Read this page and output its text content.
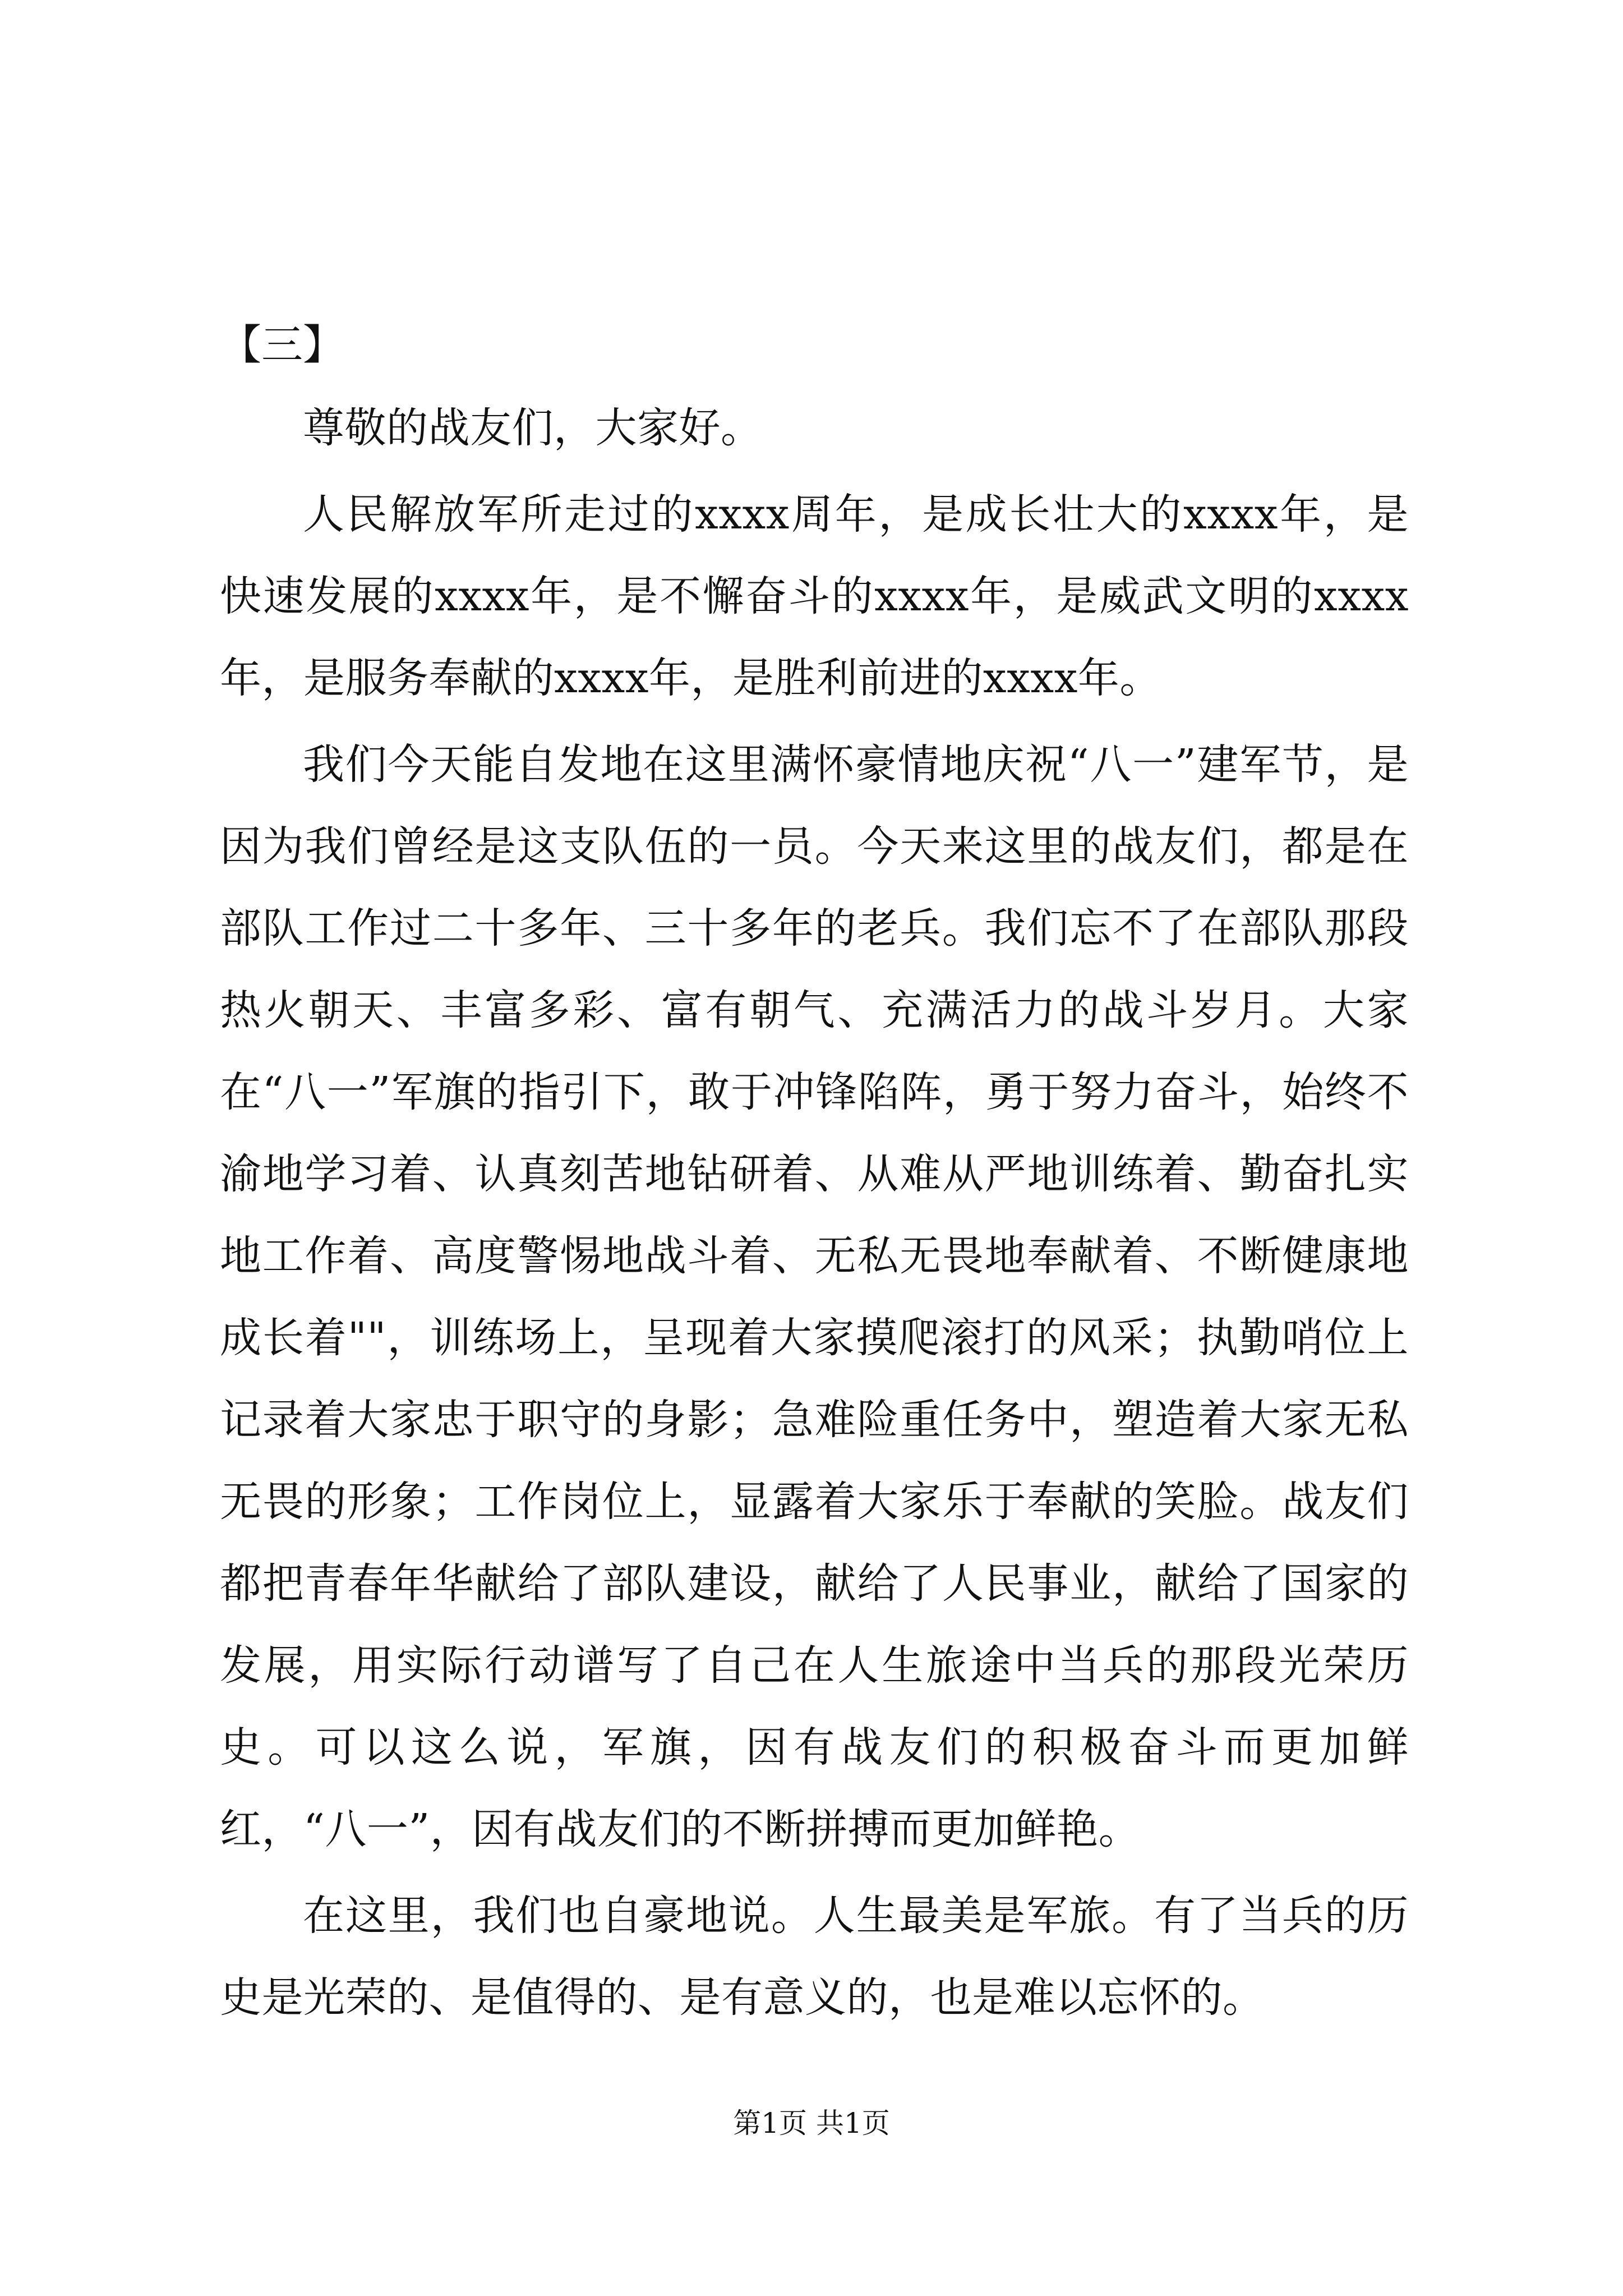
【三】

尊敬的战友们，大家好。

人民解放军所走过的xxxx周年，是成长壮大的xxxx年，是快速发展的xxxx年，是不懈奋斗的xxxx年，是威武文明的xxxx年，是服务奉献的xxxx年，是胜利前进的xxxx年。

我们今天能自发地在这里满怀豪情地庆祝“八一”建军节，是因为我们曾经是这支队伍的一员。今天来这里的战友们，都是在部队工作过二十多年、三十多年的老兵。我们忘不了在部队那段热火朝天、丰富多彩、富有朝气、充满活力的战斗岁月。大家在“八一”军旗的指引下，敢于冲锋陷阵，勇于努力奋斗，始终不渝地学习着、认真刻苦地钻研着、从难从严地训练着、勤奋扎实地工作着、高度警惕地战斗着、无私无畏地奉献着、不断健康地成长着""，训练场上，呈现着大家摸爬滚打的风采；执勤哨位上记录着大家忠于职守的身影；急难险重任务中，塑造着大家无私无畏的形象；工作岗位上，显露着大家乐于奉献的笑脸。战友们都把青春年华献给了部队建设，献给了人民事业，献给了国家的发展，用实际行动谱写了自己在人生旅途中当兵的那段光荣历史。可以这么说，军旗，因有战友们的积极奋斗而更加鲜红，“八一”，因有战友们的不断拼搏而更加鲜艳。

在这里，我们也自豪地说。人生最美是军旅。有了当兵的历史是光荣的、是值得的、是有意义的，也是难以忘怀的。

第1页 共1页
